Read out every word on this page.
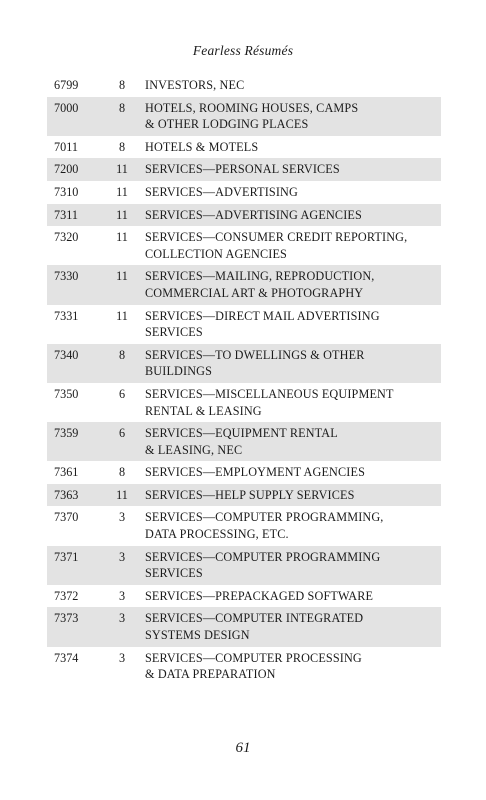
Fearless Résumés
6799	8	INVESTORS, NEC

7000	8	HOTELS, ROOMING HOUSES, CAMPS
& OTHER LODGING PLACES

7011	8	HOTELS & MOTELS

7200	11	SERVICES—PERSONAL SERVICES

7310	11	SERVICES—ADVERTISING

7311	11	SERVICES—ADVERTISING AGENCIES

7320	11	SERVICES—CONSUMER CREDIT REPORTING,
COLLECTION AGENCIES

7330	11	SERVICES—MAILING, REPRODUCTION,
COMMERCIAL ART & PHOTOGRAPHY

7331	11	SERVICES—DIRECT MAIL ADVERTISING
SERVICES

7340	8	SERVICES—TO DWELLINGS & OTHER
BUILDINGS

7350	6	SERVICES—MISCELLANEOUS EQUIPMENT
RENTAL & LEASING

7359	6	SERVICES—EQUIPMENT RENTAL
& LEASING, NEC

7361	8	SERVICES—EMPLOYMENT AGENCIES

7363	11	SERVICES—HELP SUPPLY SERVICES

7370	3	SERVICES—COMPUTER PROGRAMMING,
DATA PROCESSING, ETC.

7371	3	SERVICES—COMPUTER PROGRAMMING
SERVICES

7372	3	SERVICES—PREPACKAGED SOFTWARE

7373	3	SERVICES—COMPUTER INTEGRATED
SYSTEMS DESIGN

7374	3	SERVICES—COMPUTER PROCESSING
& DATA PREPARATION
61
